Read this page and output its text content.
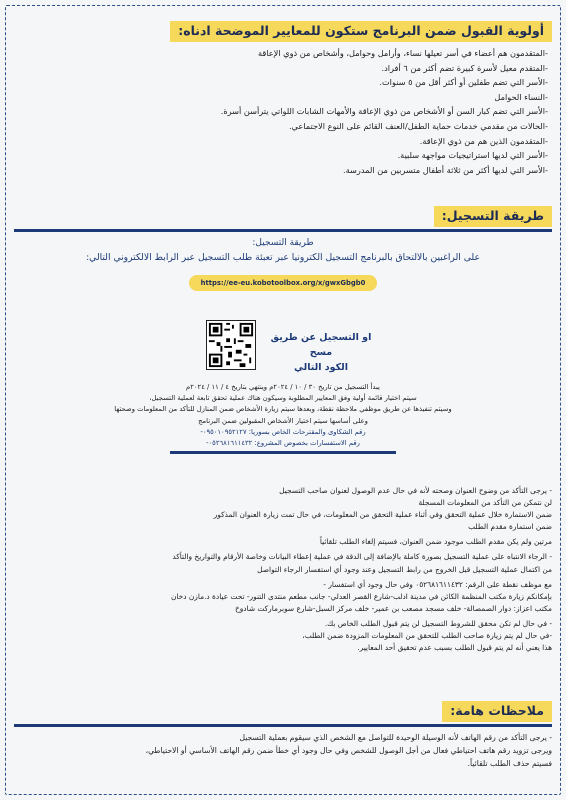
أولوية القبول ضمن البرنامج ستكون للمعايير الموضحة ادناه:
-المتقدمون هم أعضاء في أسر تعيلها نساء، وأرامل وحوامل، وأشخاص من ذوي الإعاقة
-المتقدم معيل لأسرة كبيرة تضم أكثر من ٦ أفراد.
-الأسر التي تضم طفلين أو أكثر أقل من ٥ سنوات.
-النساء الحوامل
-الأسر التي تضم كبار السن أو الأشخاص من ذوي الإعاقة والأمهات الشابات اللواتي يترأسن أسرة.
-الحالات من مقدمي خدمات حماية الطفل/العنف القائم على النوع الاجتماعي.
-المتقدمون الذين هم من ذوي الإعاقة.
-الأسر التي لديها استراتيجيات مواجهة سلبية.
-الأسر التي لديها أكثر من ثلاثة أطفال متسربين من المدرسة.
طريقة التسجيل:
طريقة التسجيل:
على الراغبين بالالتحاق بالبرنامج التسجيل الكترونيا عبر تعبئة طلب التسجيل عبر الرابط الالكتروني التالي:
https://ee-eu.kobotoolbox.org/x/gwxGbgb0
او التسجيل عن طريق مسح
الكود التالي
يبدأ التسجيل من تاريخ ٣٠ / ١٠ / ٢٠٢٤م وينتهي بتاريخ ٤ / ١١ / ٢٠٢٤م
سيتم اختيار قائمة أولية وفق المعايير المطلوبة وسيكون هناك عملية تحقق تابعة لعملية التسجيل،
وسيتم تنفيذها عن طريق موظفي ملاحظة نقطة، وبعدها سيتم زيارة الأشخاص ضمن المنازل للتأكد من المعلومات وصحتها
وعلى أساسها سيتم اختيار الأشخاص المقبولين ضمن البرنامج
رقم الشكاوى والمقترحات الخاص بسوريا: ٠٩٥٠١٠٩٥٢١٢٧-
رقم الاستفسارات بخصوص المشروع: ٠٥٢٦٨١٦١١٤٣٢-

- يرجى التأكد من وضوح العنوان وصحته لأنه في حال عدم الوصول لعنوان صاحب التسجيل

لن نتمكن من التأكد من المعلومات المسجلة

ضمن الاستمارة خلال عملية التحقق وفي أثناء عملية التحقق من المعلومات، في حال تمت زيارة العنوان المذكور

ضمن استمارة مقدم الطلب

مرتين ولم يكن مقدم الطلب موجود ضمن العنوان، فسيتم إلغاء الطلب تلقائياً

- الرجاء الانتباه على عملية التسجيل بصورة كاملة بالإضافة إلى الدقة في عملية إعطاء البيانات وخاصة الأرقام والتواريخ والتأكد

من اكتمال عملية التسجيل قبل الخروج من رابط التسجيل وعند وجود أي استفسار الرجاء التواصل

مع موظف نقطة على الرقم: ٠٥٢٦٨١٦١١٤٣٢ وفي حال وجود أي استفسار -

بإمكانكم زيارة مكتب المنظمة الكائن في مدينة ادلب-شارع القصر العدلي- جانب مطعم منتدى التنور- تحت عيادة د.مازن دخان

مكتب اعزاز: دوار الصمصالة- خلف مسجد مصعب بن عمير- خلف مركز السبل-شارع سوبرماركت شادوخ

- في حال لم تكن محقق للشروط التسجيل لن يتم قبول الطلب الخاص بك.

-في حال لم يتم زيارة صاحب الطلب للتحقق من المعلومات المزودة ضمن الطلب،

هذا يعني أنه لم يتم قبول الطلب بسبب عدم تحقيق أحد المعايير.

ملاحظات هامة:

- يرجى التأكد من رقم الهاتف لأنه الوسيلة الوحيدة للتواصل مع الشخص الذي سيقوم بعملية التسجيل

ويرجى تزويد رقم هاتف احتياطي فعال من أجل الوصول للشخص وفي حال وجود أي خطأ ضمن رقم الهاتف الأساسي أو الاحتياطي،

فسيتم حذف الطلب تلقائياً.
